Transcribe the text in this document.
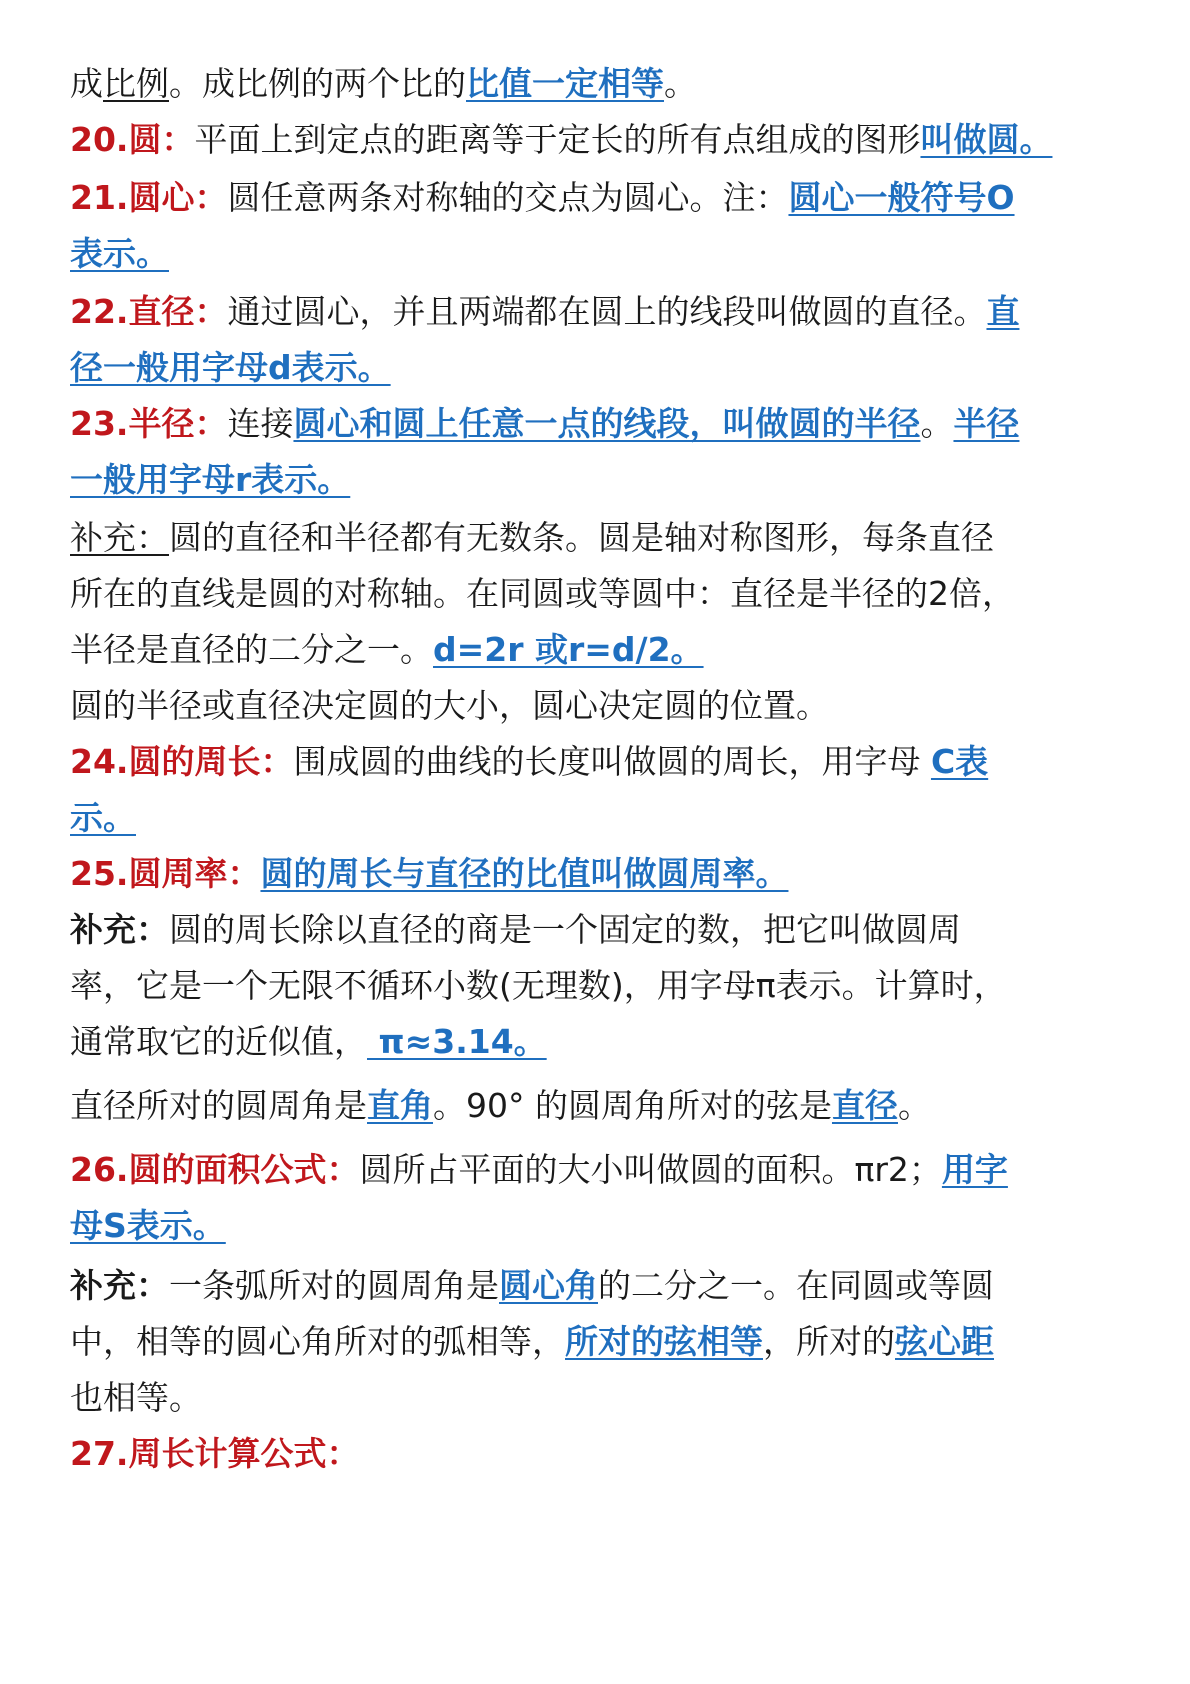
成比例。成比例的两个比的比值一定相等。
20.圆：平面上到定点的距离等于定长的所有点组成的图形叫做圆。
21.圆心：圆任意两条对称轴的交点为圆心。注：圆心一般符号O
表示。
22.直径：通过圆心，并且两端都在圆上的线段叫做圆的直径。直
径一般用字母d表示。
23.半径：连接圆心和圆上任意一点的线段，叫做圆的半径。半径
一般用字母r表示。
补充：圆的直径和半径都有无数条。圆是轴对称图形，每条直径
所在的直线是圆的对称轴。在同圆或等圆中：直径是半径的2倍，
半径是直径的二分之一。d=2r 或r=d/2。
圆的半径或直径决定圆的大小，圆心决定圆的位置。
24.圆的周长：围成圆的曲线的长度叫做圆的周长，用字母 C表
示。
25.圆周率：圆的周长与直径的比值叫做圆周率。
补充：圆的周长除以直径的商是一个固定的数，把它叫做圆周
率，它是一个无限不循环小数(无理数)，用字母π表示。计算时，
通常取它的近似值， π≈3.14。
直径所对的圆周角是直角。90° 的圆周角所对的弦是直径。
26.圆的面积公式：圆所占平面的大小叫做圆的面积。πr2；用字
母S表示。
补充：一条弧所对的圆周角是圆心角的二分之一。在同圆或等圆
中，相等的圆心角所对的弧相等，所对的弦相等，所对的弦心距
也相等。
27.周长计算公式：
